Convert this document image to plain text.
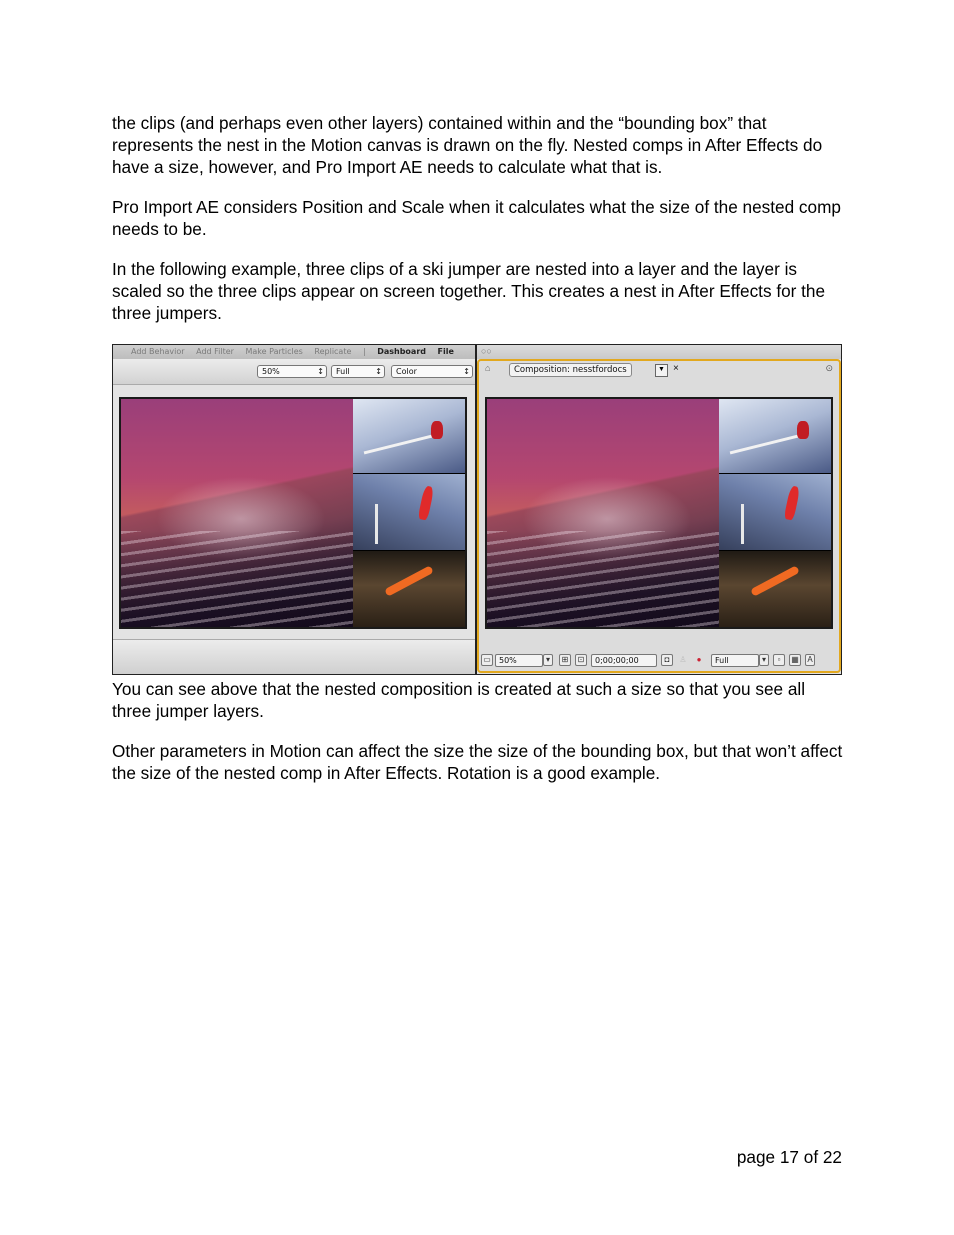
the clips (and perhaps even other layers) contained within and the “bounding box” that represents the nest in the Motion canvas is drawn on the fly. Nested comps in After Effects do have a size, however, and Pro Import AE needs to calculate what that is.

Pro Import AE considers Position and Scale when it calculates what the size of the nested comp needs to be.

In the following example, three clips of a ski jumper are nested into a layer and the layer is scaled so the three clips appear on screen together. This creates a nest in After Effects for the three jumpers.

Add Behavior Add Filter Make Particles Replicate | Dashboard File
50% ↕	Full ↕	Color ↕
○○
⌂	Composition: nesstfordocs	▼ ×	⊙
▭	▾
50%	⊞	⊡	0;00;00;00	◘	♙	●	Full	▾	▫	▦ A

You can see above that the nested composition is created at such a size so that you see all three jumper layers.

Other parameters in Motion can affect the size the size of the bounding box, but that won’t affect the size of the nested comp in After Effects. Rotation is a good example.

page 17 of 22
